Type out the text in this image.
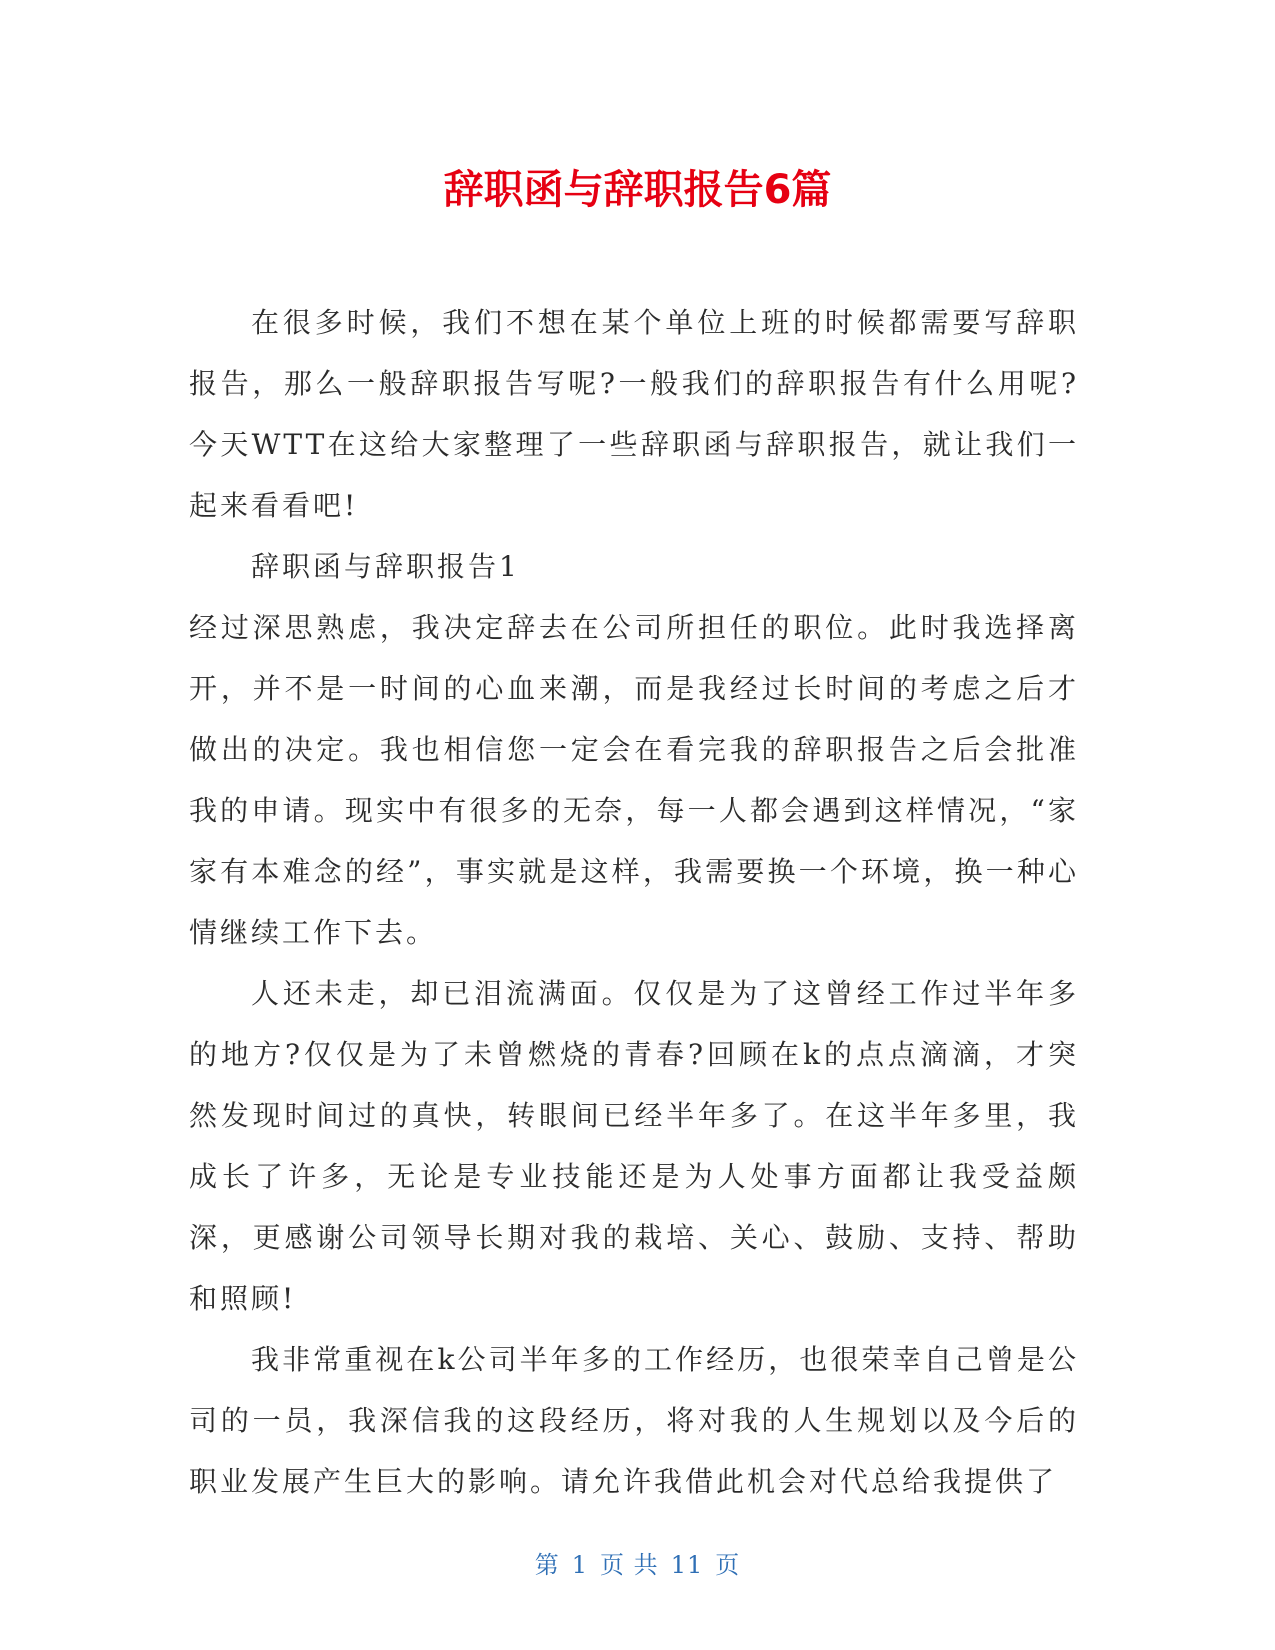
辞职函与辞职报告6篇

在很多时候，我们不想在某个单位上班的时候都需要写辞职报告，那么一般辞职报告写呢?一般我们的辞职报告有什么用呢?今天WTT在这给大家整理了一些辞职函与辞职报告，就让我们一起来看看吧!

辞职函与辞职报告1

经过深思熟虑，我决定辞去在公司所担任的职位。此时我选择离开，并不是一时间的心血来潮，而是我经过长时间的考虑之后才做出的决定。我也相信您一定会在看完我的辞职报告之后会批准我的申请。现实中有很多的无奈，每一人都会遇到这样情况，“家家有本难念的经”，事实就是这样，我需要换一个环境，换一种心情继续工作下去。

人还未走，却已泪流满面。仅仅是为了这曾经工作过半年多的地方?仅仅是为了未曾燃烧的青春?回顾在k的点点滴滴，才突然发现时间过的真快，转眼间已经半年多了。在这半年多里，我成长了许多，无论是专业技能还是为人处事方面都让我受益颇深，更感谢公司领导长期对我的栽培、关心、鼓励、支持、帮助和照顾!

我非常重视在k公司半年多的工作经历，也很荣幸自己曾是公司的一员，我深信我的这段经历，将对我的人生规划以及今后的职业发展产生巨大的影响。请允许我借此机会对代总给我提供了

第 1 页 共 11 页
